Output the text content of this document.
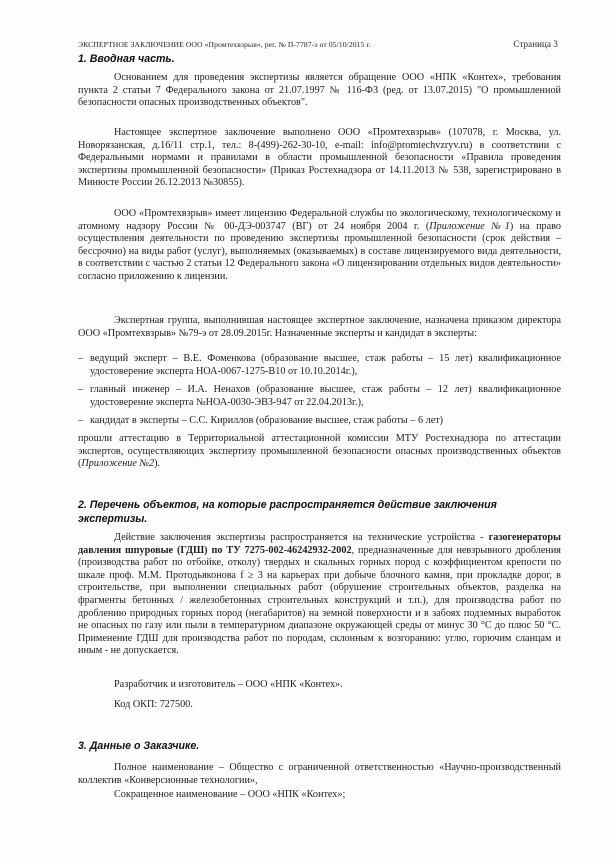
ЭКСПЕРТНОЕ ЗАКЛЮЧЕНИЕ ООО «Промтехвзрыв», рег. № П-7787-э от 05/10/2015 г.	Страница 3
1. Вводная часть.
Основанием для проведения экспертизы является обращение ООО «НПК «Контех», требования пункта 2 статьи 7 Федерального закона от 21.07.1997 № 116-ФЗ (ред. от 13.07.2015) "О промышленной безопасности опасных производственных объектов".
Настоящее экспертное заключение выполнено ООО «Промтехвзрыв» (107078, г. Москва, ул. Новорязанская, д.16/11 стр.1, тел.: 8-(499)-262-30-10, e-mail: info@promtechvzryv.ru) в соответствии с Федеральными нормами и правилами в области промышленной безопасности «Правила проведения экспертизы промышленной безопасности» (Приказ Ростехнадзора от 14.11.2013 № 538, зарегистрировано в Минюсте России 26.12.2013 №30855).
ООО «Промтехвзрыв» имеет лицензию Федеральной службы по экологическому, технологическому и атомному надзору России № 00-ДЭ-003747 (ВГ) от 24 ноября 2004 г. (Приложение №1) на право осуществления деятельности по проведению экспертизы промышленной безопасности (срок действия – бессрочно) на виды работ (услуг), выполняемых (оказываемых) в составе лицензируемого вида деятельности, в соответствии с частью 2 статьи 12 Федерального закона «О лицензировании отдельных видов деятельности» согласно приложению к лицензии.
Экспертная группа, выполнившая настоящее экспертное заключение, назначена приказом директора ООО «Промтехвзрыв» №79-э от 28.09.2015г. Назначенные эксперты и кандидат в эксперты:
– ведущий эксперт – В.Е. Фоменкова (образование высшее, стаж работы – 15 лет) квалификационное удостоверение эксперта НОА-0067-1275-В10 от 10.10.2014г.),
– главный инженер – И.А. Ненахов (образование высшее, стаж работы – 12 лет) квалификационное удостоверение эксперта №НОА-0030-ЭВЗ-947 от 22.04.2013г.),
– кандидат в эксперты – С.С. Кириллов (образование высшее, стаж работы – 6 лет)
прошли аттестацию в Территориальной аттестационной комиссии МТУ Ростехнадзора по аттестации экспертов, осуществляющих экспертизу промышленной безопасности опасных производственных объектов (Приложение №2).
2. Перечень объектов, на которые распространяется действие заключения экспертизы.
Действие заключения экспертизы распространяется на технические устройства - газогенераторы давления шпуровые (ГДШ) по ТУ 7275-002-46242932-2002, предназначенные для невзрывного дробления (производства работ по отбойке, отколу) твердых и скальных горных пород с коэффициентом крепости по шкале проф. М.М. Протодьяконова f ≥ 3 на карьерах при добыче блочного камня, при прокладке дорог, в строительстве, при выполнении специальных работ (обрушение строительных объектов, разделка на фрагменты бетонных / железобетонных строительных конструкций и т.п.), для производства работ по дроблению природных горных пород (негабаритов) на земной поверхности и в забоях подземных выработок не опасных по газу или пыли в температурном диапазоне окружающей среды от минус 30 °С до плюс 50 °С. Применение ГДШ для производства работ по породам, склонным к возгоранию: углю, горючим сланцам и иным - не допускается.
Разработчик и изготовитель – ООО «НПК «Контех».
Код ОКП: 727500.
3. Данные о Заказчике.
Полное наименование – Общество с ограниченной ответственностью «Научно-производственный коллектив «Конверсионные технологии»,
Сокращенное наименование – ООО «НПК «Контех»;
